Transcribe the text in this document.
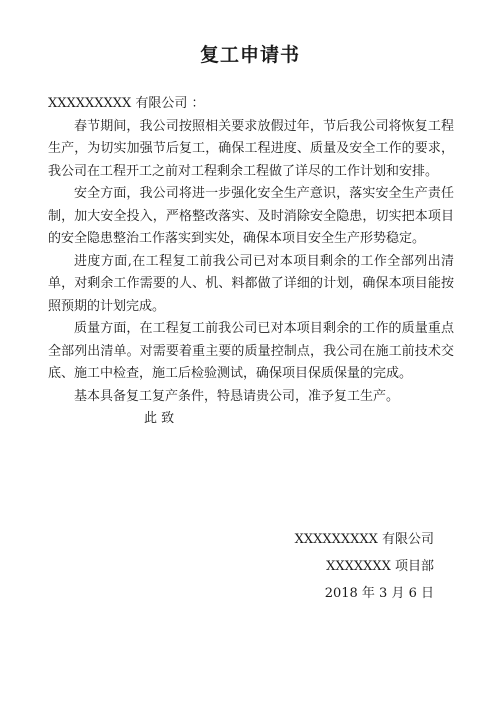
复工申请书

XXXXXXXXX 有限公司 ：

春节期间，我公司按照相关要求放假过年，节后我公司将恢复工程生产，为切实加强节后复工，确保工程进度、质量及安全工作的要求，我公司在工程开工之前对工程剩余工程做了详尽的工作计划和安排。

安全方面，我公司将进一步强化安全生产意识，落实安全生产责任制，加大安全投入，严格整改落实、及时消除安全隐患，切实把本项目的安全隐患整治工作落实到实处，确保本项目安全生产形势稳定。

进度方面,在工程复工前我公司已对本项目剩余的工作全部列出清单，对剩余工作需要的人、机、料都做了详细的计划，确保本项目能按照预期的计划完成。

质量方面，在工程复工前我公司已对本项目剩余的工作的质量重点全部列出清单。对需要着重主要的质量控制点，我公司在施工前技术交底、施工中检查，施工后检验测试，确保项目保质保量的完成。

基本具备复工复产条件，特恳请贵公司，准予复工生产。

此 致

XXXXXXXXX 有限公司
XXXXXXX 项目部
2018 年 3 月 6 日
